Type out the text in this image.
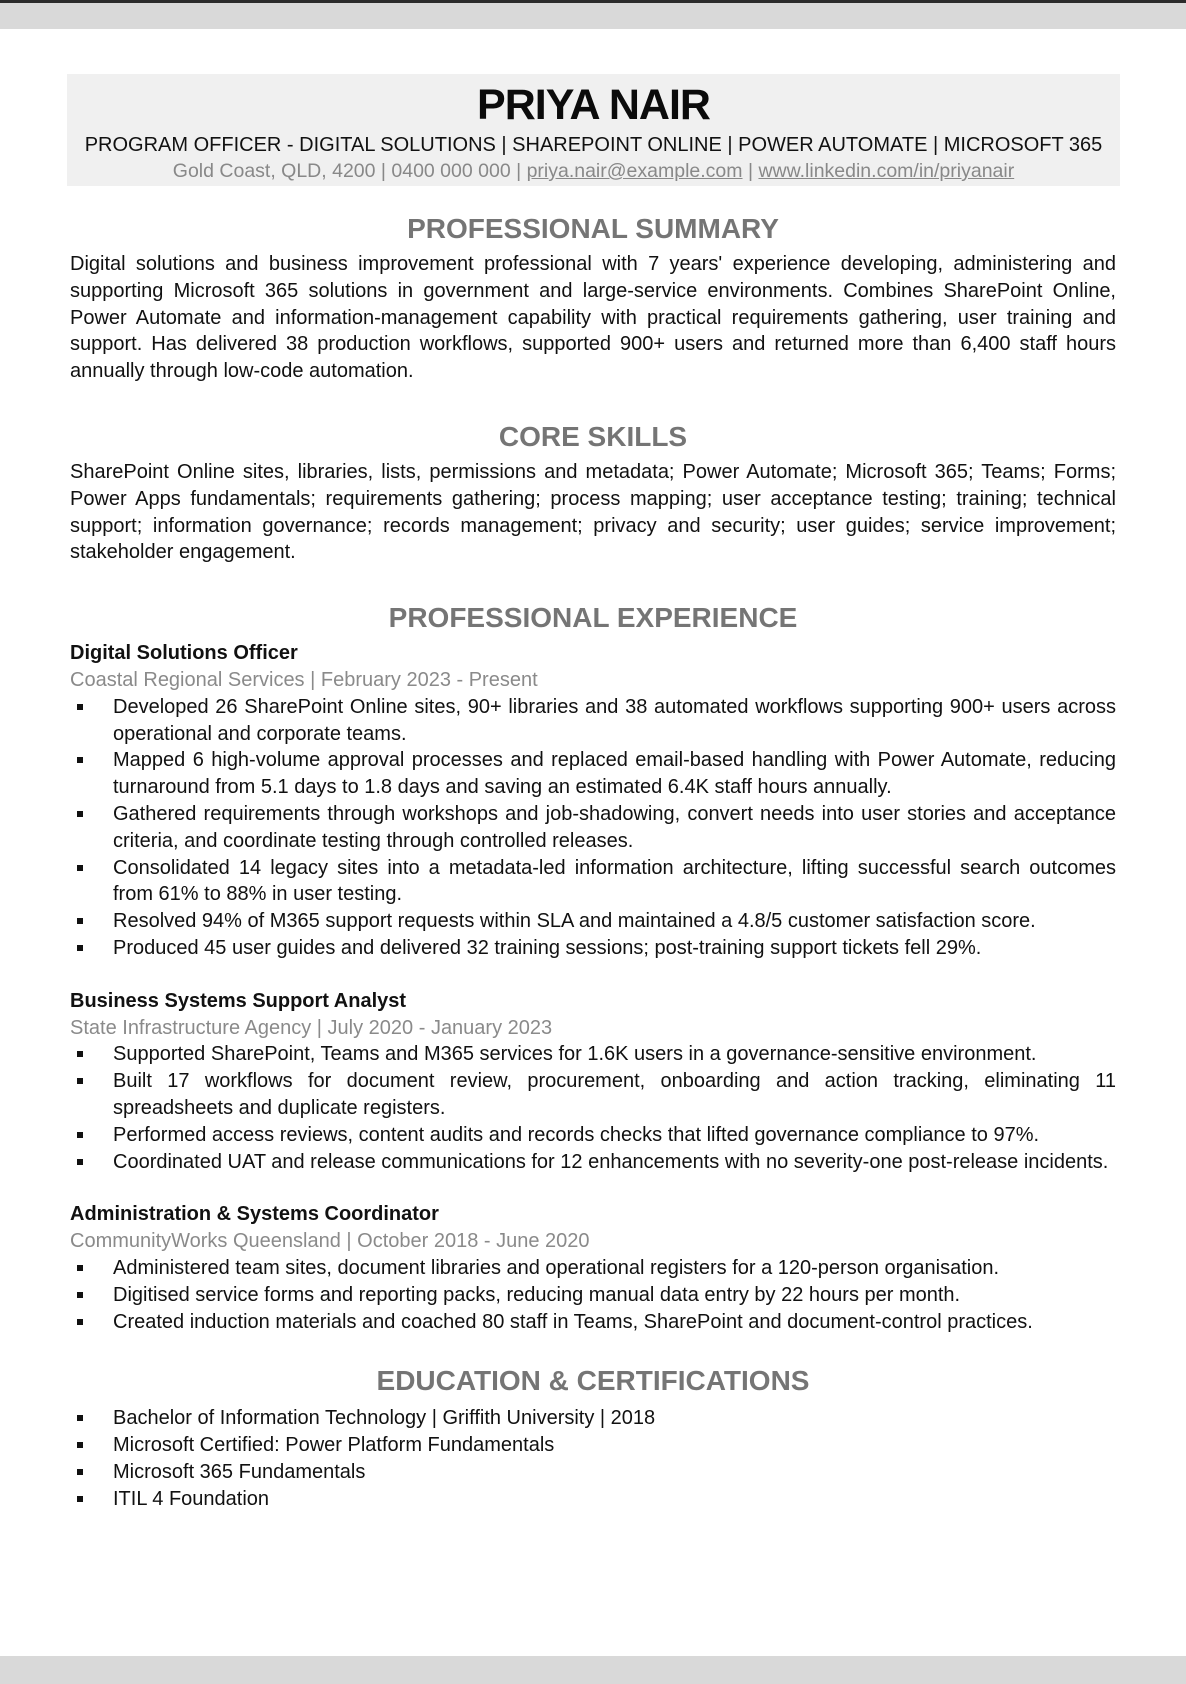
PRIYA NAIR
PROGRAM OFFICER - DIGITAL SOLUTIONS | SHAREPOINT ONLINE | POWER AUTOMATE | MICROSOFT 365
Gold Coast, QLD, 4200 | 0400 000 000 | priya.nair@example.com | www.linkedin.com/in/priyanair
PROFESSIONAL SUMMARY

Digital solutions and business improvement professional with 7 years' experience developing, administering and supporting Microsoft 365 solutions in government and large-service environments. Combines SharePoint Online, Power Automate and information-management capability with practical requirements gathering, user training and support. Has delivered 38 production workflows, supported 900+ users and returned more than 6,400 staff hours annually through low-code automation.

CORE SKILLS

SharePoint Online sites, libraries, lists, permissions and metadata; Power Automate; Microsoft 365; Teams; Forms; Power Apps fundamentals; requirements gathering; process mapping; user acceptance testing; training; technical support; information governance; records management; privacy and security; user guides; service improvement; stakeholder engagement.

PROFESSIONAL EXPERIENCE

Digital Solutions Officer

Coastal Regional Services | February 2023 - Present

Developed 26 SharePoint Online sites, 90+ libraries and 38 automated workflows supporting 900+ users across operational and corporate teams.
Mapped 6 high-volume approval processes and replaced email-based handling with Power Automate, reducing turnaround from 5.1 days to 1.8 days and saving an estimated 6.4K staff hours annually.
Gathered requirements through workshops and job-shadowing, convert needs into user stories and acceptance criteria, and coordinate testing through controlled releases.
Consolidated 14 legacy sites into a metadata-led information architecture, lifting successful search outcomes from 61% to 88% in user testing.
Resolved 94% of M365 support requests within SLA and maintained a 4.8/5 customer satisfaction score.
Produced 45 user guides and delivered 32 training sessions; post-training support tickets fell 29%.

Business Systems Support Analyst

State Infrastructure Agency | July 2020 - January 2023

Supported SharePoint, Teams and M365 services for 1.6K users in a governance-sensitive environment.
Built 17 workflows for document review, procurement, onboarding and action tracking, eliminating 11 spreadsheets and duplicate registers.
Performed access reviews, content audits and records checks that lifted governance compliance to 97%.
Coordinated UAT and release communications for 12 enhancements with no severity-one post-release incidents.

Administration & Systems Coordinator

CommunityWorks Queensland | October 2018 - June 2020

Administered team sites, document libraries and operational registers for a 120-person organisation.
Digitised service forms and reporting packs, reducing manual data entry by 22 hours per month.
Created induction materials and coached 80 staff in Teams, SharePoint and document-control practices.
EDUCATION & CERTIFICATIONS
Bachelor of Information Technology | Griffith University | 2018
Microsoft Certified: Power Platform Fundamentals
Microsoft 365 Fundamentals
ITIL 4 Foundation
